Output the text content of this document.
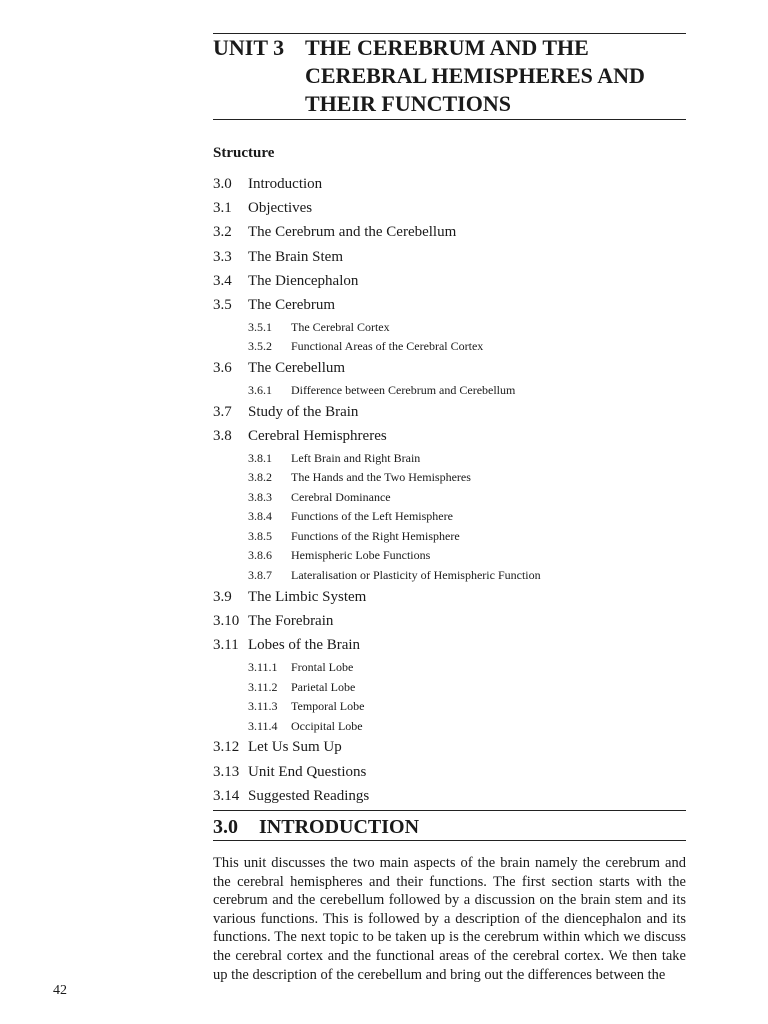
UNIT 3 THE CEREBRUM AND THE
CEREBRAL HEMISPHERES AND
THEIR FUNCTIONS
Structure
3.0	Introduction
3.1	Objectives
3.2	The Cerebrum and the Cerebellum
3.3	The Brain Stem
3.4	The Diencephalon
3.5	The Cerebrum
3.5.1	The Cerebral Cortex
3.5.2	Functional Areas of the Cerebral Cortex
3.6	The Cerebellum
3.6.1	Difference between Cerebrum and Cerebellum
3.7	Study of the Brain
3.8	Cerebral Hemisphreres
3.8.1	Left Brain and Right Brain
3.8.2	The Hands and the Two Hemispheres
3.8.3	Cerebral Dominance
3.8.4	Functions of the Left Hemisphere
3.8.5	Functions of the Right Hemisphere
3.8.6	Hemispheric Lobe Functions
3.8.7	Lateralisation or Plasticity of Hemispheric Function
3.9	The Limbic System
3.10 The Forebrain
3.11 Lobes of the Brain
3.11.1	Frontal Lobe
3.11.2	Parietal Lobe
3.11.3	Temporal Lobe
3.11.4	Occipital Lobe
3.12 Let Us Sum Up
3.13 Unit End Questions
3.14 Suggested Readings
3.0	INTRODUCTION
This unit discusses the two main aspects of the brain namely the cerebrum and the cerebral hemispheres and their functions. The first section starts with the cerebrum and the cerebellum followed by a discussion on the brain stem and its various functions. This is followed by a description of the diencephalon and its functions. The next topic to be taken up is the cerebrum within which we discuss the cerebral cortex and the functional areas of the cerebral cortex. We then take up the description of the cerebellum and bring out the differences between the
42
